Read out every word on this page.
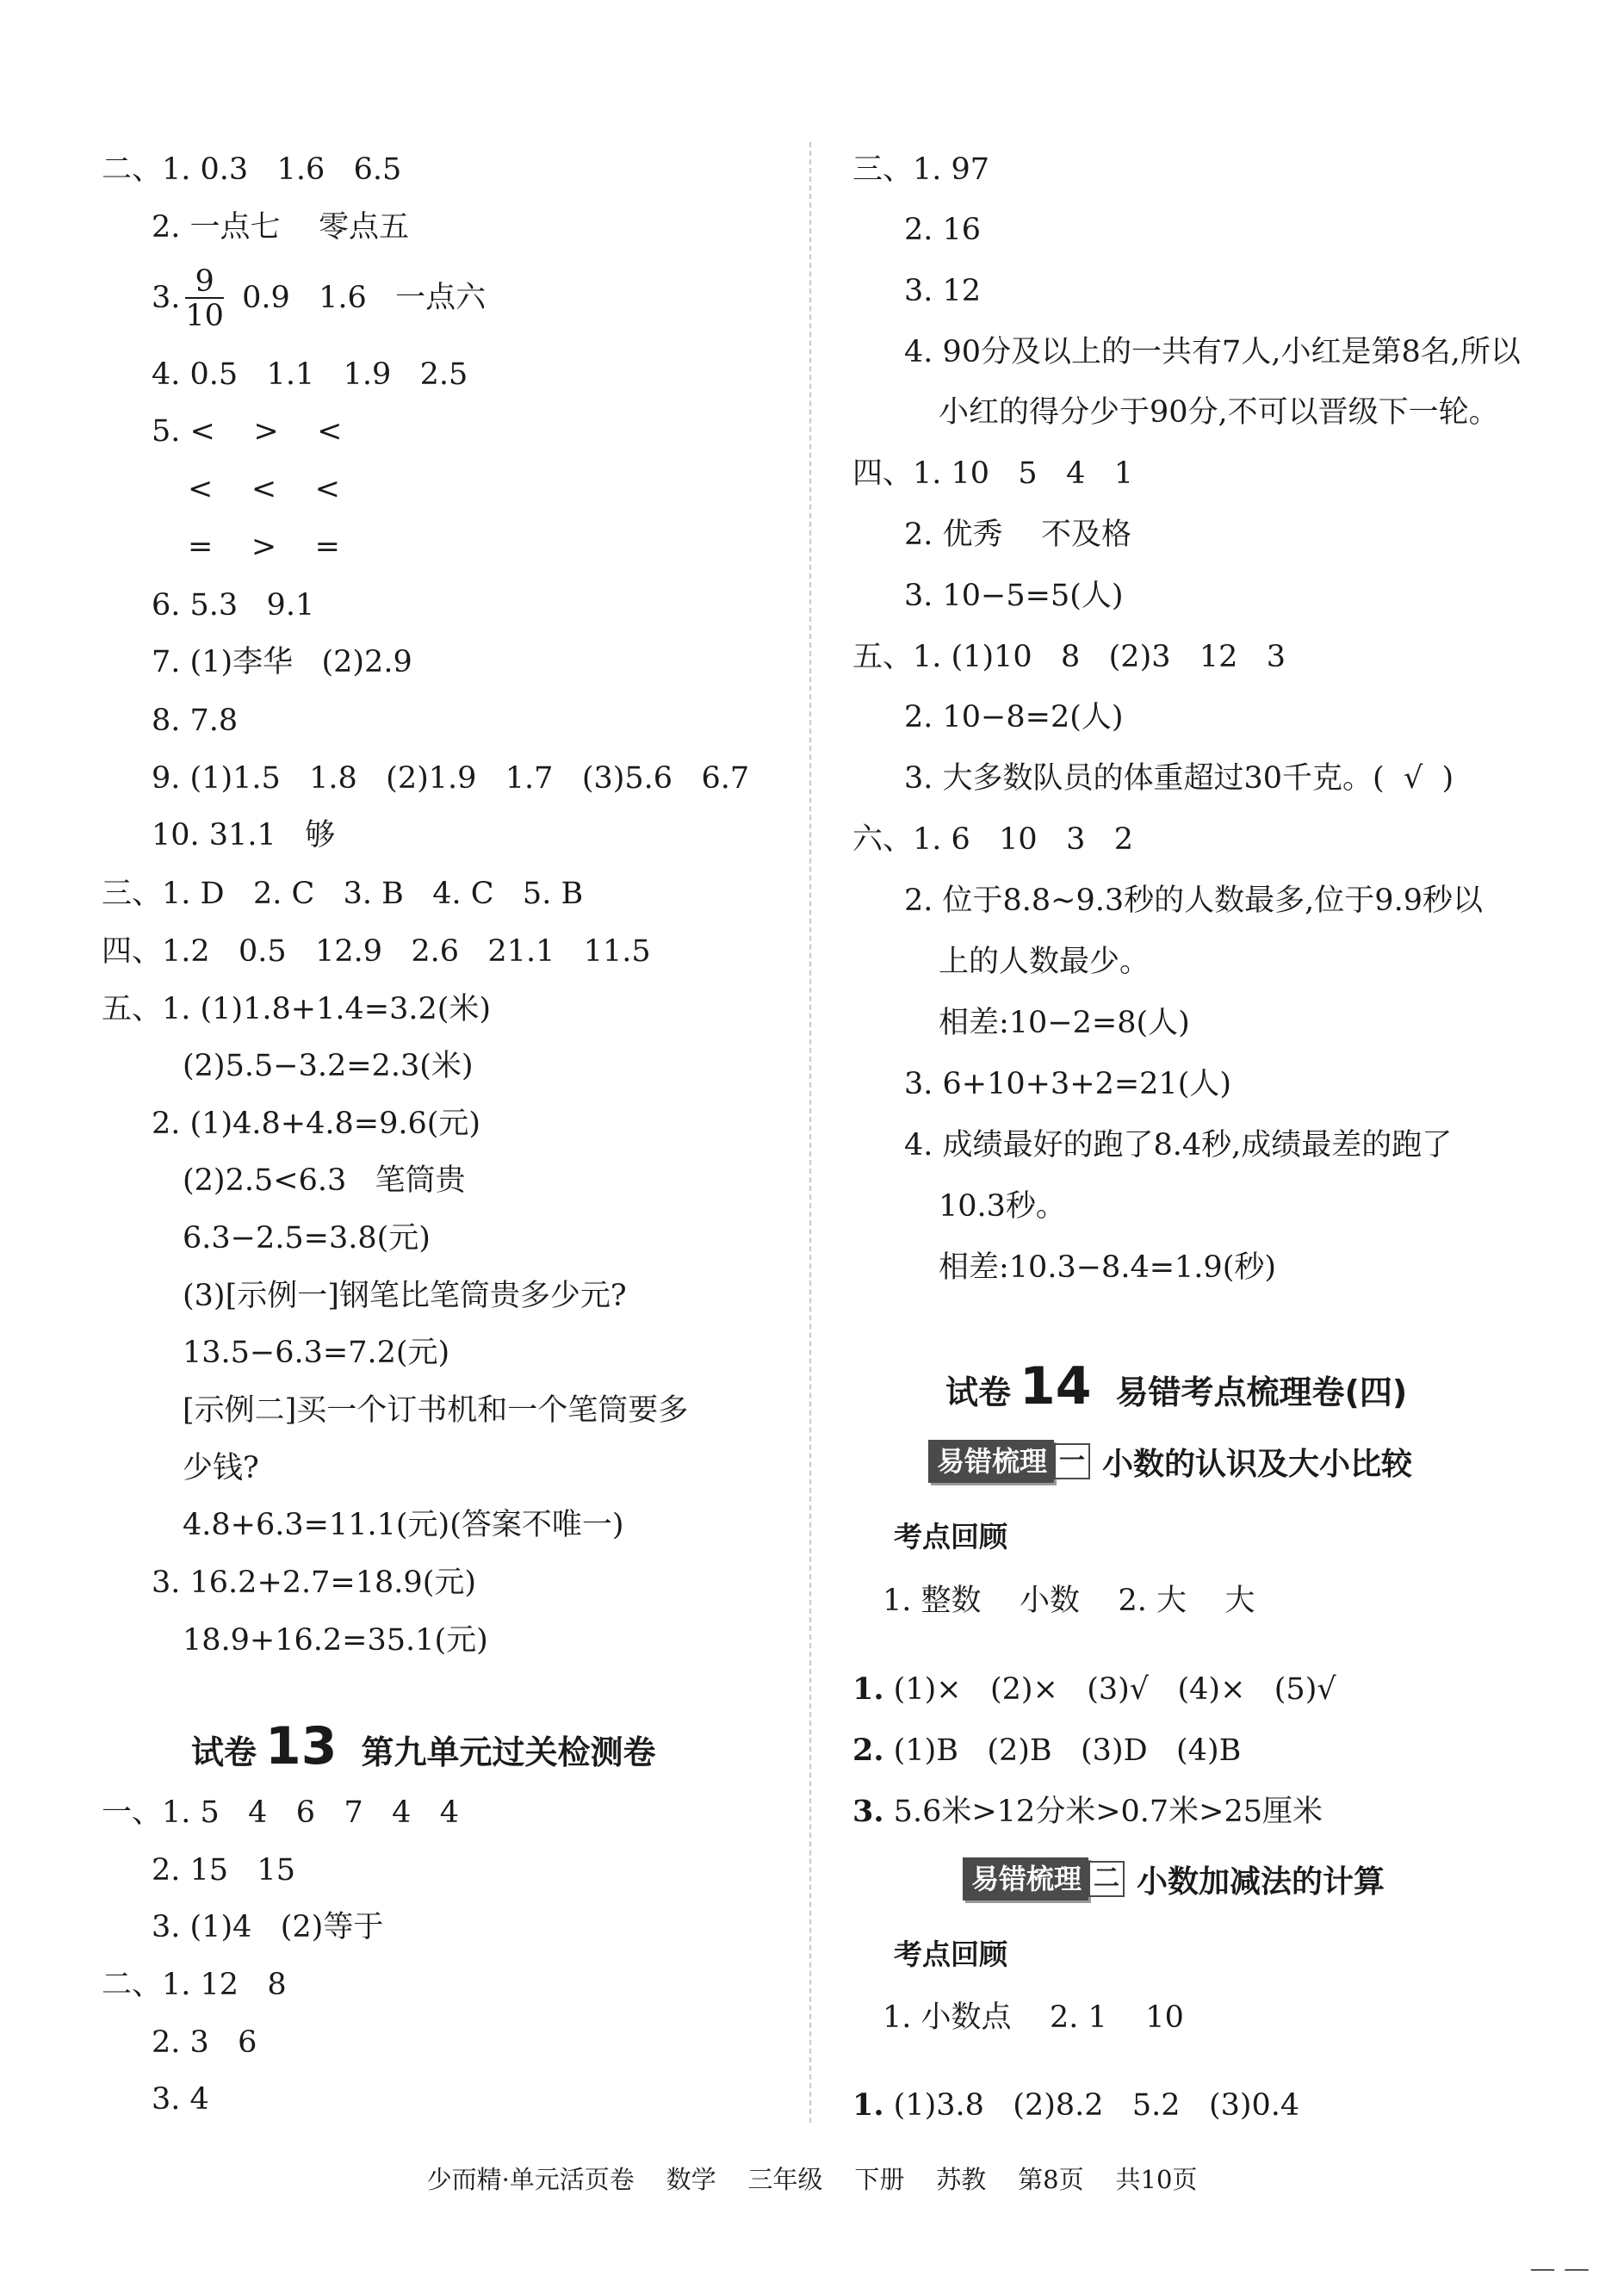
二、1. 0.3   1.6   6.5
2. 一点七    零点五
3. $\frac{9}{10} 0.9$   1.6   一点六
4. 0.5   1.1   1.9   2.5
5. <    >    <
<    <    <
=    >    =
6. 5.3   9.1
7. (1)李华   (2)2.9
8. 7.8
9. (1)1.5   1.8   (2)1.9   1.7   (3)5.6   6.7
10. 31.1   够
三、1. D   2. C   3. B   4. C   5. B
四、1.2   0.5   12.9   2.6   21.1   11.5
五、1. (1)1.8+1.4=3.2(米)
(2)5.5−3.2=2.3(米)
2. (1)4.8+4.8=9.6(元)
(2)2.5<6.3   笔筒贵
6.3−2.5=3.8(元)
(3)[示例一]钢笔比笔筒贵多少元?
13.5−6.3=7.2(元)
[示例二]买一个订书机和一个笔筒要多
少钱?
4.8+6.3=11.1(元)(答案不唯一)
3. 16.2+2.7=18.9(元)
18.9+16.2=35.1(元)
试卷 13 第九单元过关检测卷
一、1. 5   4   6   7   4   4
2. 15   15
3. (1)4   (2)等于
二、1. 12   8
2. 3   6
3. 4
三、1. 97
2. 16
3. 12
4. 90分及以上的一共有7人,小红是第8名,所以
小红的得分少于90分,不可以晋级下一轮。
四、1. 10   5   4   1
2. 优秀    不及格
3. 10−5=5(人)
五、1. (1)10   8   (2)3   12   3
2. 10−8=2(人)
3. 大多数队员的体重超过30千克。(  √  )
六、1. 6   10   3   2
2. 位于8.8~9.3秒的人数最多,位于9.9秒以
上的人数最少。
相差:10−2=8(人)
3. 6+10+3+2=21(人)
4. 成绩最好的跑了8.4秒,成绩最差的跑了
10.3秒。
相差:10.3−8.4=1.9(秒)
试卷 14 易错考点梳理卷(四)
易错梳理 一 小数的认识及大小比较
考点回顾
1. 整数    小数    2. 大    大
1. (1)×   (2)×   (3)√   (4)×   (5)√
2. (1)B   (2)B   (3)D   (4)B
3. 5.6米>12分米>0.7米>25厘米
易错梳理 二 小数加减法的计算
考点回顾
1. 小数点    2. 1    10
1. (1)3.8   (2)8.2   5.2   (3)0.4
少而精·单元活页卷    数学    三年级    下册    苏教    第8页    共10页
— —
